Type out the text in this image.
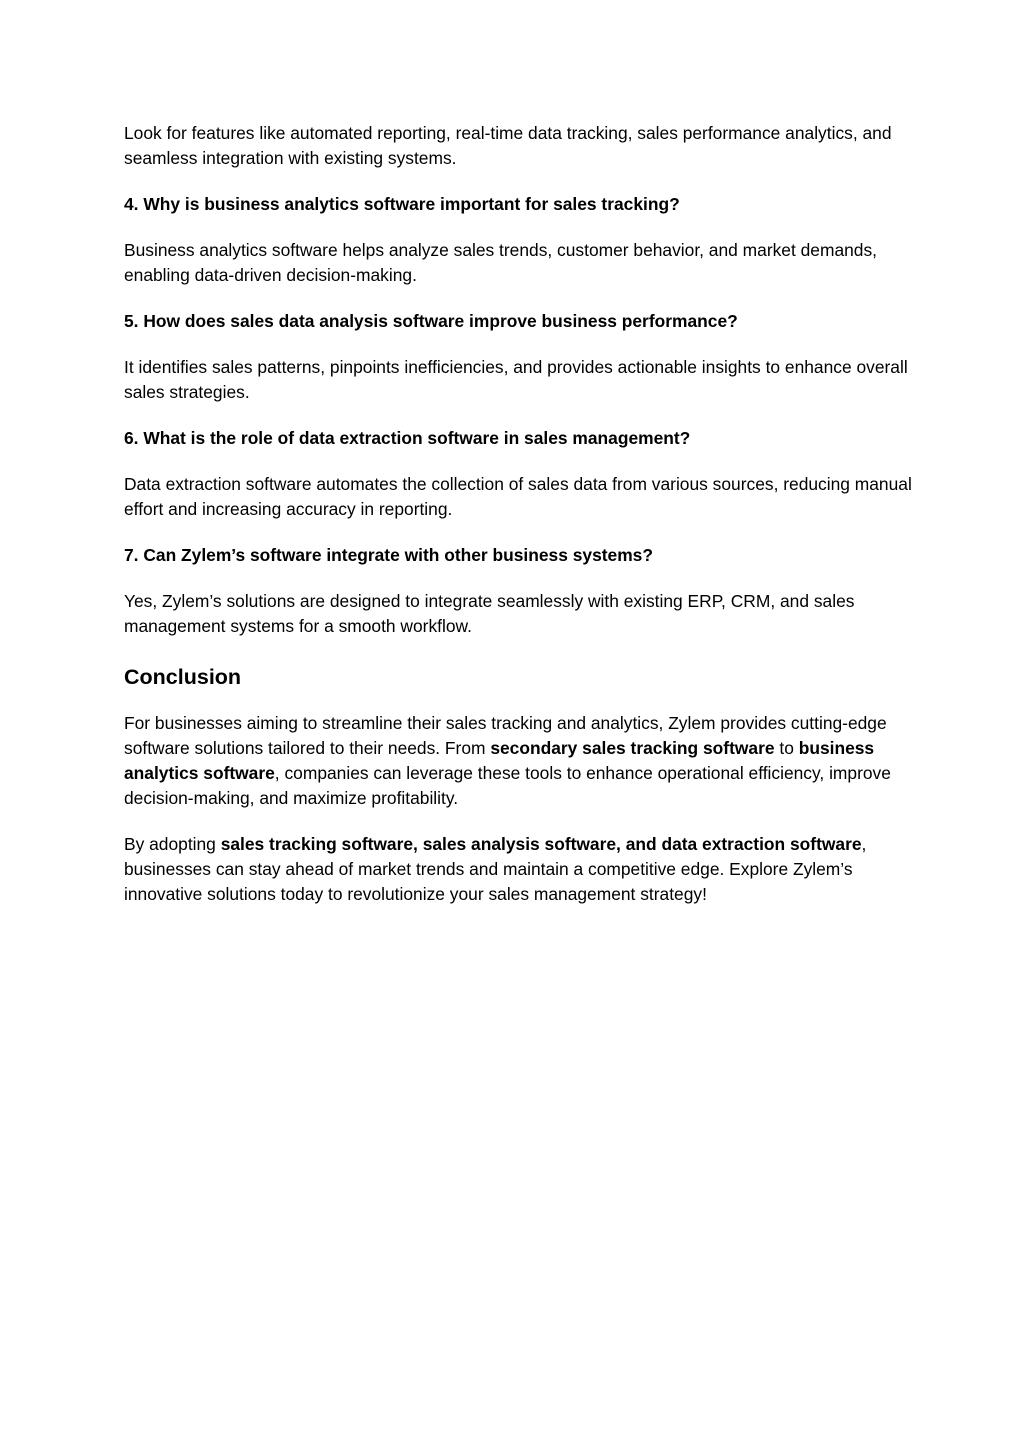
Look for features like automated reporting, real-time data tracking, sales performance analytics, and seamless integration with existing systems.

4. Why is business analytics software important for sales tracking?

Business analytics software helps analyze sales trends, customer behavior, and market demands, enabling data-driven decision-making.

5. How does sales data analysis software improve business performance?

It identifies sales patterns, pinpoints inefficiencies, and provides actionable insights to enhance overall sales strategies.

6. What is the role of data extraction software in sales management?

Data extraction software automates the collection of sales data from various sources, reducing manual effort and increasing accuracy in reporting.

7. Can Zylem’s software integrate with other business systems?

Yes, Zylem’s solutions are designed to integrate seamlessly with existing ERP, CRM, and sales management systems for a smooth workflow.

Conclusion

For businesses aiming to streamline their sales tracking and analytics, Zylem provides cutting-edge software solutions tailored to their needs. From secondary sales tracking software to business analytics software, companies can leverage these tools to enhance operational efficiency, improve decision-making, and maximize profitability.

By adopting sales tracking software, sales analysis software, and data extraction software, businesses can stay ahead of market trends and maintain a competitive edge. Explore Zylem’s innovative solutions today to revolutionize your sales management strategy!
